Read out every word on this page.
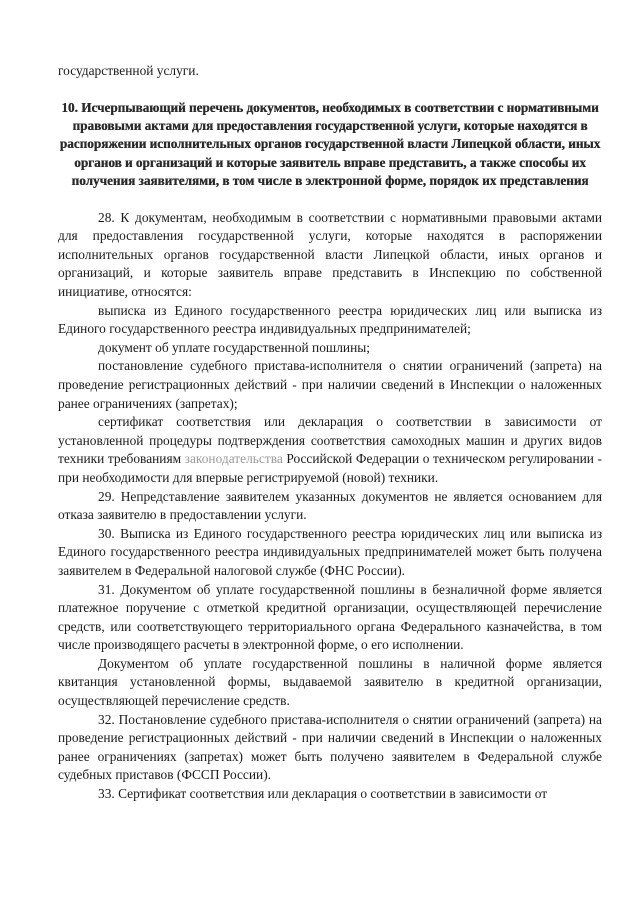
государственной услуги.

10. Исчерпывающий перечень документов, необходимых в соответствии с нормативными правовыми актами для предоставления государственной услуги, которые находятся в распоряжении исполнительных органов государственной власти Липецкой области, иных органов и организаций и которые заявитель вправе представить, а также способы их получения заявителями, в том числе в электронной форме, порядок их представления

28. К документам, необходимым в соответствии с нормативными правовыми актами для предоставления государственной услуги, которые находятся в распоряжении исполнительных органов государственной власти Липецкой области, иных органов и организаций, и которые заявитель вправе представить в Инспекцию по собственной инициативе, относятся:

выписка из Единого государственного реестра юридических лиц или выписка из Единого государственного реестра индивидуальных предпринимателей;

документ об уплате государственной пошлины;

постановление судебного пристава-исполнителя о снятии ограничений (запрета) на проведение регистрационных действий - при наличии сведений в Инспекции о наложенных ранее ограничениях (запретах);

сертификат соответствия или декларация о соответствии в зависимости от установленной процедуры подтверждения соответствия самоходных машин и других видов техники требованиям законодательства Российской Федерации о техническом регулировании - при необходимости для впервые регистрируемой (новой) техники.

29. Непредставление заявителем указанных документов не является основанием для отказа заявителю в предоставлении услуги.

30. Выписка из Единого государственного реестра юридических лиц или выписка из Единого государственного реестра индивидуальных предпринимателей может быть получена заявителем в Федеральной налоговой службе (ФНС России).

31. Документом об уплате государственной пошлины в безналичной форме является платежное поручение с отметкой кредитной организации, осуществляющей перечисление средств, или соответствующего территориального органа Федерального казначейства, в том числе производящего расчеты в электронной форме, о его исполнении.

Документом об уплате государственной пошлины в наличной форме является квитанция установленной формы, выдаваемой заявителю в кредитной организации, осуществляющей перечисление средств.

32. Постановление судебного пристава-исполнителя о снятии ограничений (запрета) на проведение регистрационных действий - при наличии сведений в Инспекции о наложенных ранее ограничениях (запретах) может быть получено заявителем в Федеральной службе судебных приставов (ФССП России).

33. Сертификат соответствия или декларация о соответствии в зависимости от
